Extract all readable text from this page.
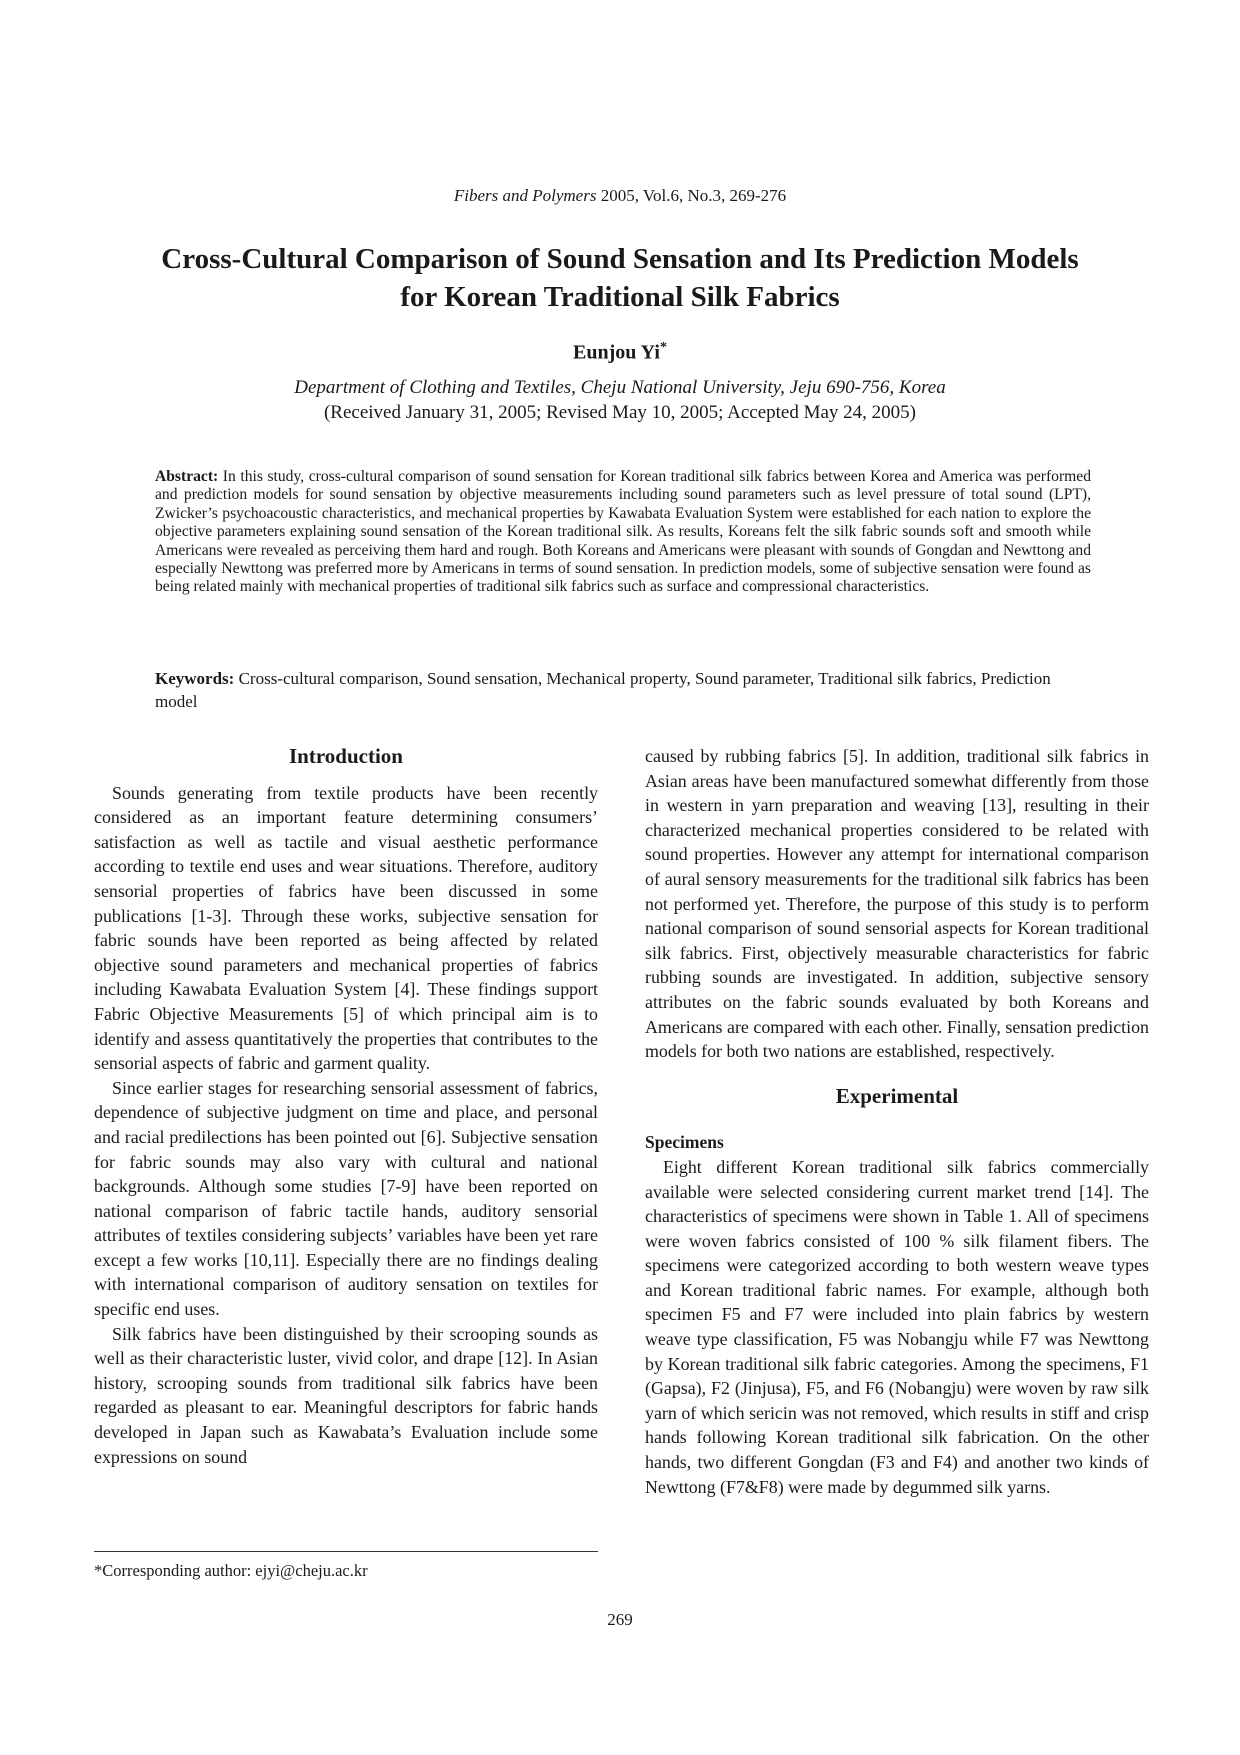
Fibers and Polymers 2005, Vol.6, No.3, 269-276
Cross-Cultural Comparison of Sound Sensation and Its Prediction Models
for Korean Traditional Silk Fabrics
Eunjou Yi*
Department of Clothing and Textiles, Cheju National University, Jeju 690-756, Korea
(Received January 31, 2005; Revised May 10, 2005; Accepted May 24, 2005)

Abstract: In this study, cross-cultural comparison of sound sensation for Korean traditional silk fabrics between Korea and America was performed and prediction models for sound sensation by objective measurements including sound parameters such as level pressure of total sound (LPT), Zwicker’s psychoacoustic characteristics, and mechanical properties by Kawabata Evaluation System were established for each nation to explore the objective parameters explaining sound sensation of the Korean traditional silk. As results, Koreans felt the silk fabric sounds soft and smooth while Americans were revealed as perceiving them hard and rough. Both Koreans and Americans were pleasant with sounds of Gongdan and Newttong and especially Newttong was preferred more by Americans in terms of sound sensation. In prediction models, some of subjective sensation were found as being related mainly with mechanical properties of traditional silk fabrics such as surface and compressional characteristics.

Keywords: Cross-cultural comparison, Sound sensation, Mechanical property, Sound parameter, Traditional silk fabrics, Prediction model

Introduction

Sounds generating from textile products have been recently considered as an important feature determining consumers’ satisfaction as well as tactile and visual aesthetic performance according to textile end uses and wear situations. Therefore, auditory sensorial properties of fabrics have been discussed in some publications [1-3]. Through these works, subjective sensation for fabric sounds have been reported as being affected by related objective sound parameters and mechanical properties of fabrics including Kawabata Evaluation System [4]. These findings support Fabric Objective Measurements [5] of which principal aim is to identify and assess quantitatively the properties that contributes to the sensorial aspects of fabric and garment quality.

Since earlier stages for researching sensorial assessment of fabrics, dependence of subjective judgment on time and place, and personal and racial predilections has been pointed out [6]. Subjective sensation for fabric sounds may also vary with cultural and national backgrounds. Although some studies [7-9] have been reported on national comparison of fabric tactile hands, auditory sensorial attributes of textiles considering subjects’ variables have been yet rare except a few works [10,11]. Especially there are no findings dealing with international comparison of auditory sensation on textiles for specific end uses.

Silk fabrics have been distinguished by their scrooping sounds as well as their characteristic luster, vivid color, and drape [12]. In Asian history, scrooping sounds from traditional silk fabrics have been regarded as pleasant to ear. Meaningful descriptors for fabric hands developed in Japan such as Kawabata’s Evaluation include some expressions on sound

caused by rubbing fabrics [5]. In addition, traditional silk fabrics in Asian areas have been manufactured somewhat differently from those in western in yarn preparation and weaving [13], resulting in their characterized mechanical properties considered to be related with sound properties. However any attempt for international comparison of aural sensory measurements for the traditional silk fabrics has been not performed yet. Therefore, the purpose of this study is to perform national comparison of sound sensorial aspects for Korean traditional silk fabrics. First, objectively measurable characteristics for fabric rubbing sounds are investigated. In addition, subjective sensory attributes on the fabric sounds evaluated by both Koreans and Americans are compared with each other. Finally, sensation prediction models for both two nations are established, respectively.

Experimental
Specimens

Eight different Korean traditional silk fabrics commercially available were selected considering current market trend [14]. The characteristics of specimens were shown in Table 1. All of specimens were woven fabrics consisted of 100 % silk filament fibers. The specimens were categorized according to both western weave types and Korean traditional fabric names. For example, although both specimen F5 and F7 were included into plain fabrics by western weave type classification, F5 was Nobangju while F7 was Newttong by Korean traditional silk fabric categories. Among the specimens, F1 (Gapsa), F2 (Jinjusa), F5, and F6 (Nobangju) were woven by raw silk yarn of which sericin was not removed, which results in stiff and crisp hands following Korean traditional silk fabrication. On the other hands, two different Gongdan (F3 and F4) and another two kinds of Newttong (F7&F8) were made by degummed silk yarns.

*Corresponding author: ejyi@cheju.ac.kr
269
